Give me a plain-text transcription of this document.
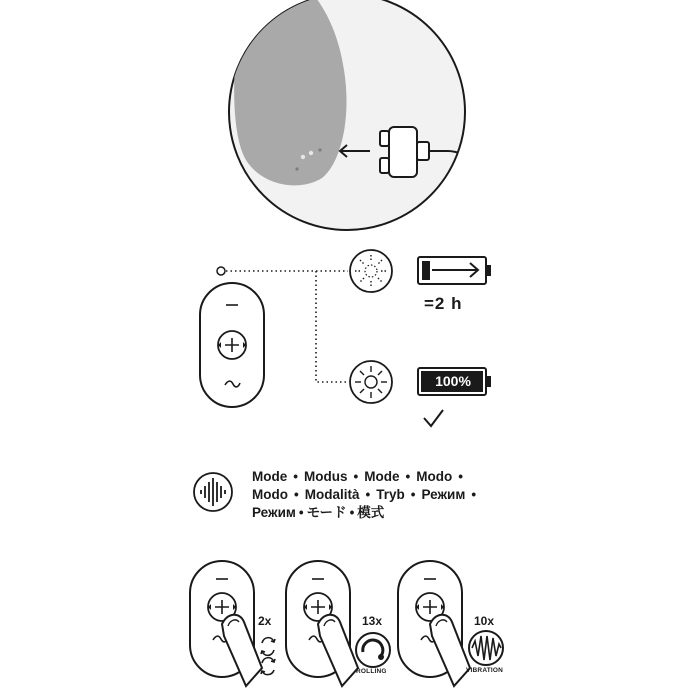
=2 h
100%
Mode • Modus • Mode • Modo •
Modo • Modalità • Tryb • Режим •
Режим • モード • 模式
2x	13x
ROLLING
10x
VIBRATION
